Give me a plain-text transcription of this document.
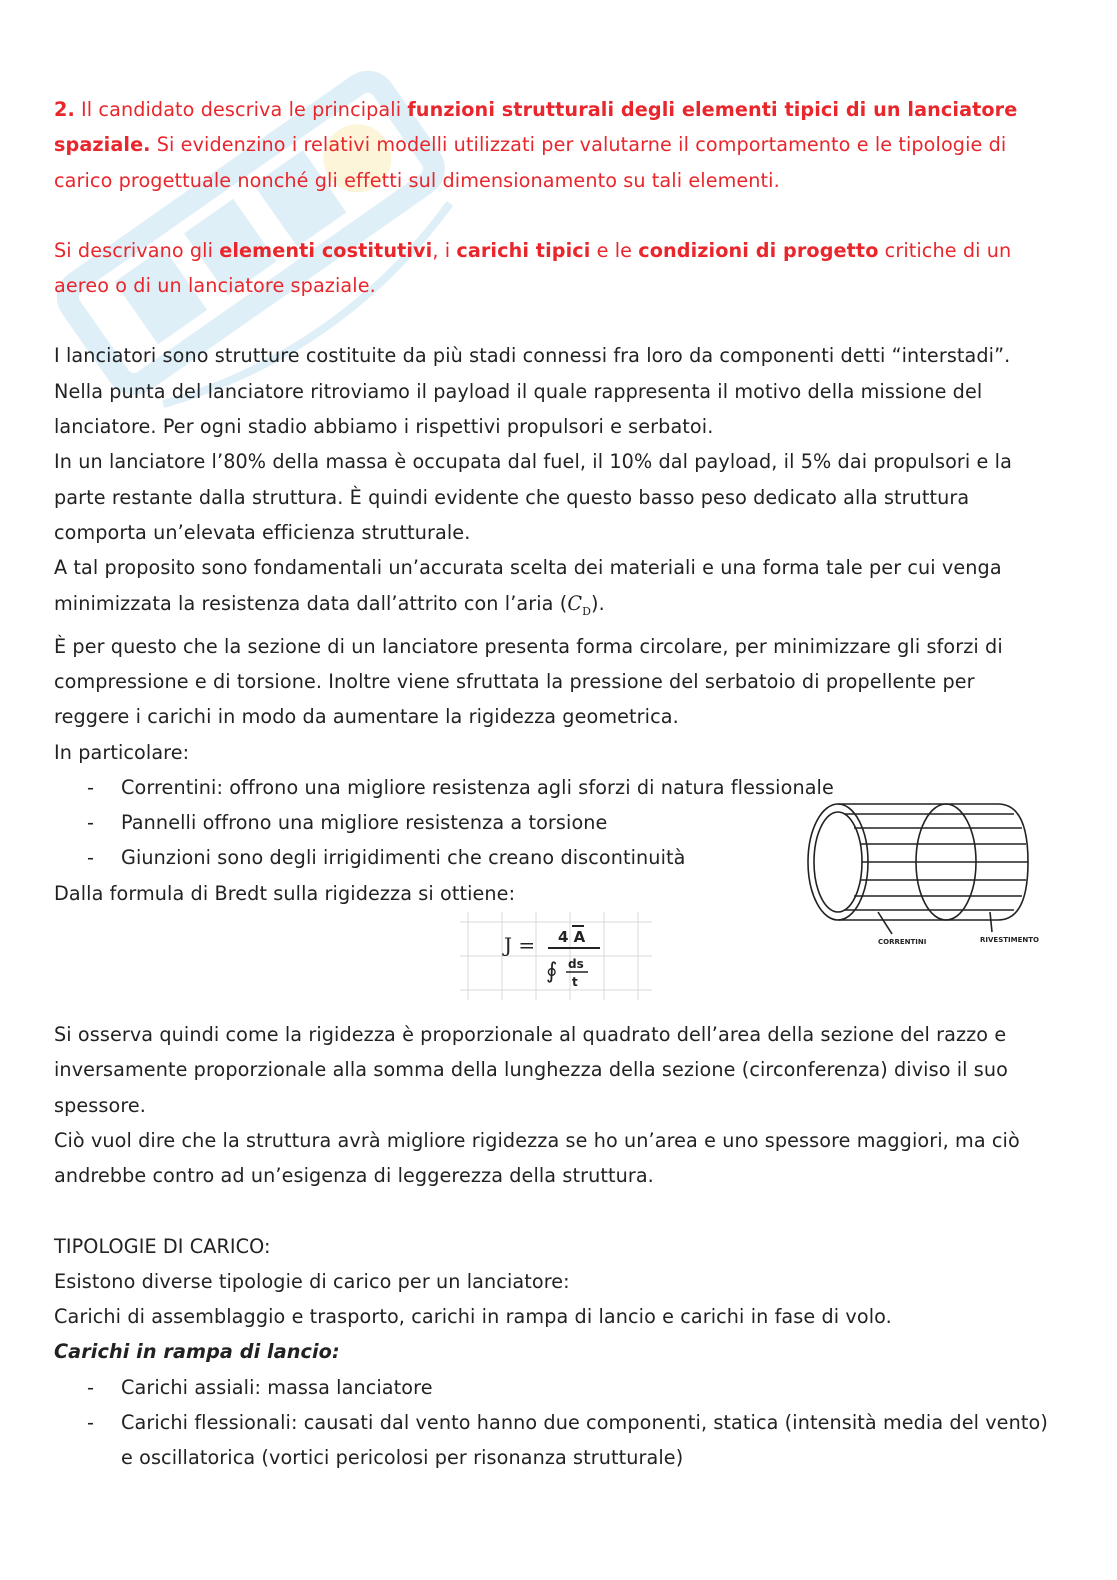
2. Il candidato descriva le principali funzioni strutturali degli elementi tipici di un lanciatore spaziale. Si evidenzino i relativi modelli utilizzati per valutarne il comportamento e le tipologie di carico progettuale nonché gli effetti sul dimensionamento su tali elementi.

Si descrivano gli elementi costitutivi, i carichi tipici e le condizioni di progetto critiche di un aereo o di un lanciatore spaziale.

I lanciatori sono strutture costituite da più stadi connessi fra loro da componenti detti “interstadi”.

Nella punta del lanciatore ritroviamo il payload il quale rappresenta il motivo della missione del lanciatore. Per ogni stadio abbiamo i rispettivi propulsori e serbatoi.

In un lanciatore l’80% della massa è occupata dal fuel, il 10% dal payload, il 5% dai propulsori e la parte restante dalla struttura. È quindi evidente che questo basso peso dedicato alla struttura comporta un’elevata efficienza strutturale.

A tal proposito sono fondamentali un’accurata scelta dei materiali e una forma tale per cui venga minimizzata la resistenza data dall’attrito con l’aria $(C_D)$.

È per questo che la sezione di un lanciatore presenta forma circolare, per minimizzare gli sforzi di compressione e di torsione. Inoltre viene sfruttata la pressione del serbatoio di propellente per reggere i carichi in modo da aumentare la rigidezza geometrica.

In particolare:

- Correntini: offrono una migliore resistenza agli sforzi di natura flessionale
- Pannelli offrono una migliore resistenza a torsione
- Giunzioni sono degli irrigidimenti che creano discontinuità

Dalla formula di Bredt sulla rigidezza si ottiene:

Si osserva quindi come la rigidezza è proporzionale al quadrato dell’area della sezione del razzo e inversamente proporzionale alla somma della lunghezza della sezione (circonferenza) diviso il suo spessore.

Ciò vuol dire che la struttura avrà migliore rigidezza se ho un’area e uno spessore maggiori, ma ciò andrebbe contro ad un’esigenza di leggerezza della struttura.

TIPOLOGIE DI CARICO:

Esistono diverse tipologie di carico per un lanciatore:

Carichi di assemblaggio e trasporto, carichi in rampa di lancio e carichi in fase di volo.

Carichi in rampa di lancio:

- Carichi assiali: massa lanciatore
- Carichi flessionali: causati dal vento hanno due componenti, statica (intensità media del vento) e oscillatorica (vortici pericolosi per risonanza strutturale)
J = 4 A
∮ ds
t
CORRENTINI	RIVESTIMENTO
